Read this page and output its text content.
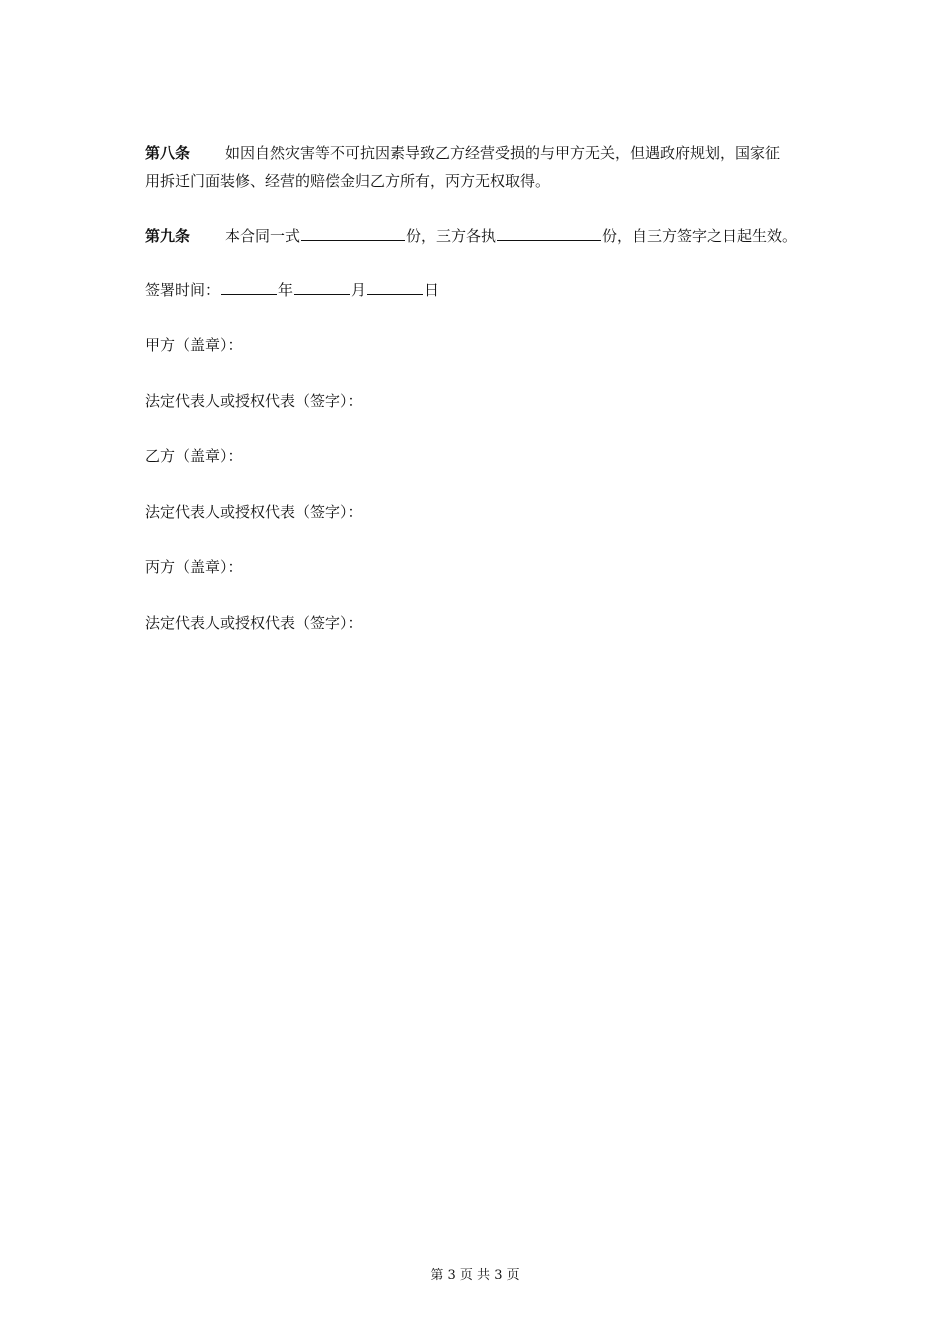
第八条 如因自然灾害等不可抗因素导致乙方经营受损的与甲方无关，但遇政府规划，国家征
用拆迁门面装修、经营的赔偿金归乙方所有，丙方无权取得。
第九条 本合同一式	份，三方各执	份，自三方签字之日起生效。
签署时间：	年	月	日
甲方（盖章）：
法定代表人或授权代表（签字）：
乙方（盖章）：
法定代表人或授权代表（签字）：
丙方（盖章）：
法定代表人或授权代表（签字）：
第 3 页 共 3 页
